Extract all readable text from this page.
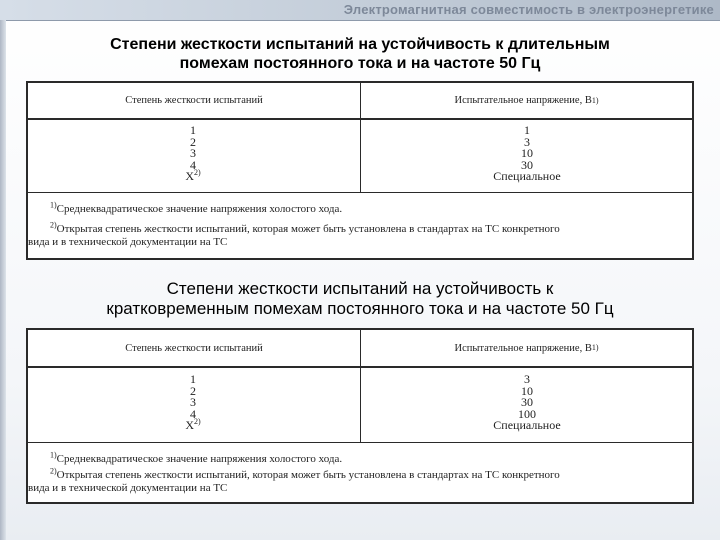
Электромагнитная совместимость в электроэнергетике
Степени жесткости испытаний на устойчивость к длительным
помехам постоянного тока и на частоте 50 Гц
Степень жесткости испытаний	Испытательное напряжение, В 1)
1
2
3
4
$X^{2)}$
1
3
10
30
Специальное
$^{1)}$Среднеквадратическое значение напряжения холостого хода.
$^{2)}$Открытая степень жесткости испытаний, которая может быть установлена в стандартах на ТС конкретного
вида и в технической документации на ТС
Степени жесткости испытаний на устойчивость к
кратковременным помехам постоянного тока и на частоте 50 Гц
Степень жесткости испытаний	Испытательное напряжение, В 1)
1
2
3
4
$X^{2)}$
3
10
30
100
Специальное
$^{1)}$Среднеквадратическое значение напряжения холостого хода.
$^{2)}$Открытая степень жесткости испытаний, которая может быть установлена в стандартах на ТС конкретного
вида и в технической документации на ТС
